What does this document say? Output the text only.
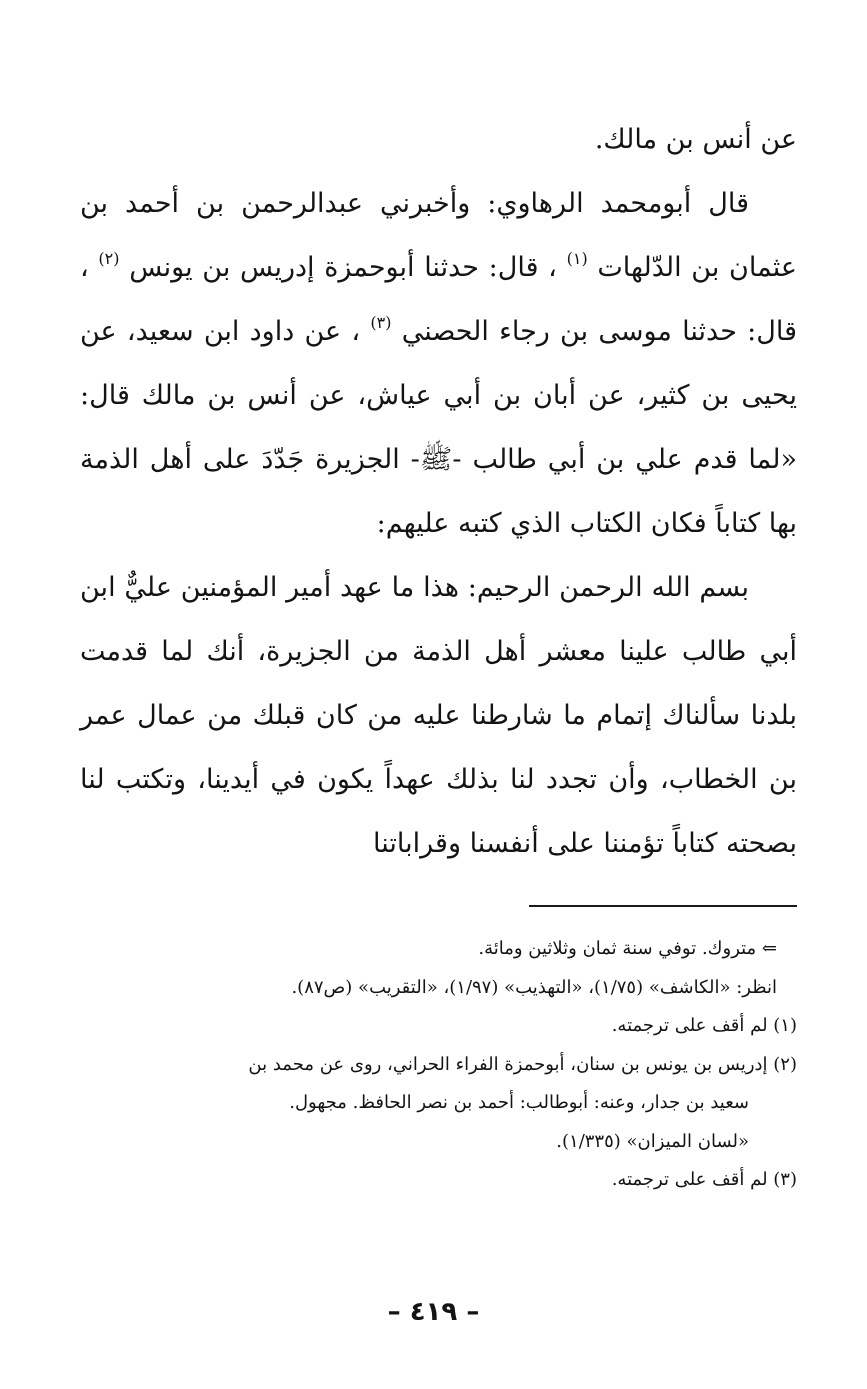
عن أنس بن مالك.

قال أبومحمد الرهاوي: وأخبرني عبدالرحمن بن أحمد بن عثمان بن الدّلهات $^{(١)}$ ، قال: حدثنا أبوحمزة إدريس بن يونس $^{(٢)}$ ، قال: حدثنا موسى بن رجاء الحصني $^{(٣)}$ ، عن داود ابن سعيد، عن يحيى بن كثير، عن أبان بن أبي عياش، عن أنس بن مالك قال: «لما قدم علي بن أبي طالب -ﷺ- الجزيرة جَدّدَ على أهل الذمة بها كتاباً فكان الكتاب الذي كتبه عليهم:

بسم الله الرحمن الرحيم: هذا ما عهد أمير المؤمنين عليٌّ ابن أبي طالب علينا معشر أهل الذمة من الجزيرة، أنك لما قدمت بلدنا سألناك إتمام ما شارطنا عليه من كان قبلك من عمال عمر بن الخطاب، وأن تجدد لنا بذلك عهداً يكون في أيدينا، وتكتب لنا بصحته كتاباً تؤمننا على أنفسنا وقراباتنا

⇐ متروك. توفي سنة ثمان وثلاثين ومائة.

انظر: «الكاشف» (١/٧٥)، «التهذيب» (١/٩٧)، «التقريب» (ص٨٧).

(١) لم أقف على ترجمته.

(٢) إدريس بن يونس بن سنان، أبوحمزة الفراء الحراني، روى عن محمد بن

سعيد بن جدار، وعنه: أبوطالب: أحمد بن نصر الحافظ. مجهول.

«لسان الميزان» (١/٣٣٥).

(٣) لم أقف على ترجمته.

– ٤١٩ –
